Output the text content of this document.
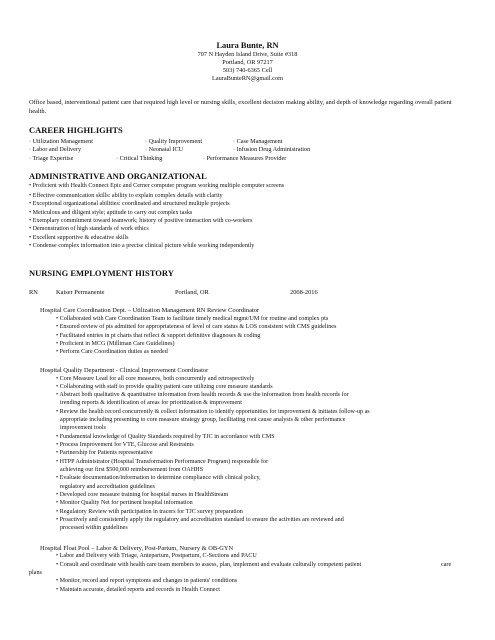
Laura Bunte, RN
707 N Hayden Island Drive, Suite #318
Portland, OR 97217
503) 740-6365 Cell
LauraBunteRN@gmail.com
Office based, interventional patient care that required high level or nursing skills, excellent decision making ability, and depth of knowledge regarding overall patient health.
CAREER HIGHLIGHTS
· Utilization Management	· Quality Improvement	· Case Management
· Labor and Delivery	· Neonatal ICU	· Infusion Drug Administration
· Triage Expertise	· Critical Thinking	· Performance Measures Provider
ADMINISTRATIVE AND ORGANIZATIONAL
• Proficient with Health Connect Epic and Cerner computer program working multiple computer screens
• Effective communication skills: ability to explain complex details with clarity
• Exceptional organizational abilities: coordinated and structured multiple projects
• Meticulous and diligent style; aptitude to carry out complex tasks
• Exemplary commitment toward teamwork; history of positive interaction with co-workers
• Demonstration of high standards of work ethics
• Excellent supportive & educative skills
• Condense complex information into a precise clinical picture while working independently
NURSING EMPLOYMENT HISTORY
RN	Kaiser Permanente	Portland, OR	2008-2016
Hospital Care Coordination Dept. – Utilization Management RN Review Coordinator
• Collaborated with Care Coordination Team to facilitate timely medical mgmt/UM for routine and complex pts
• Ensured review of pts admitted for appropriateness of level of care status & LOS consistent with CMS guidelines
• Facilitated entries in pt charts that reflect & support definitive diagnoses & coding
• Proficient in MCG (Milliman Care Guidelines)
• Perform Care Coordination duties as needed
Hospital Quality Department - Clinical Improvement Coordinator
• Core Measure Lead for all core measures, both concurrently and retrospectively
• Collaborating with staff to provide quality patient care utilizing core measure standards
• Abstract both qualitative & quantitative information from health records & use the information from health records for
trending reports & identification of areas for prioritization & improvement
• Review the health record concurrently & collect information to identify opportunities for improvement & initiates follow-up as
appropriate including presenting to core measure strategy group, facilitating root cause analysis & other performance
improvement tools
• Fundamental knowledge of Quality Standards required by TJC in accordance with CMS
• Process Improvement for VTE, Glucose and Restraints
• Partnership for Patients representative
• HTPP Administrator (Hospital Transformation Performance Program) responsible for
achieving our first $500,000 reimbursement from OAHHS
• Evaluate documentation/information to determine compliance with clinical policy,
regulatory and accreditation guidelines
• Developed core measure training for hospital nurses in HealthStream
• Monitor Quality Net for pertinent hospital information
• Regulatory Review with participation in tracers for TJC survey preparation
• Proactively and consistently apply the regulatory and accreditation standard to ensure the activities are reviewed and
processed within guidelines
Hospital Float Pool – Labor & Delivery, Post-Partum, Nursery & OB-GYN
• Labor and Delivery with Triage, Antepartum, Postpartum, C-Sections and PACU
• Consult and coordinate with health care team members to assess, plan, implement and evaluate culturally competent patient	care
plans
• Monitor, record and report symptoms and changes in patients' conditions
• Maintain accurate, detailed reports and records in Health Connect
